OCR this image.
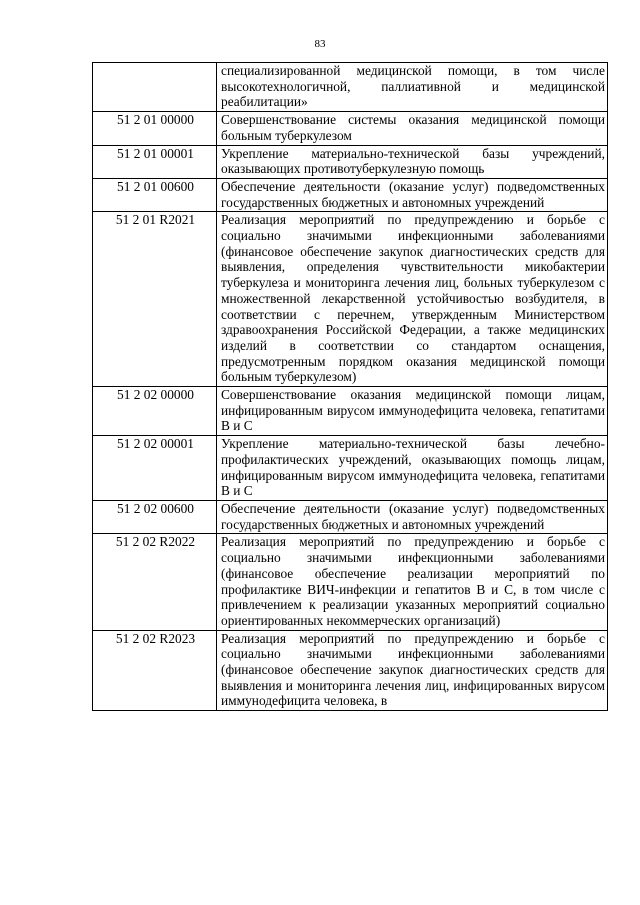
83
	специализированной медицинской помощи, в том числе высокотехнологичной, паллиативной и медицинской реабилитации»
51 2 01 00000	Совершенствование системы оказания медицинской помощи больным туберкулезом
51 2 01 00001	Укрепление материально-технической базы учреждений, оказывающих противотуберкулезную помощь
51 2 01 00600	Обеспечение деятельности (оказание услуг) подведомственных государственных бюджетных и автономных учреждений
51 2 01 R2021	Реализация мероприятий по предупреждению и борьбе с социально значимыми инфекционными заболеваниями (финансовое обеспечение закупок диагностических средств для выявления, определения чувствительности микобактерии туберкулеза и мониторинга лечения лиц, больных туберкулезом с множественной лекарственной устойчивостью возбудителя, в соответствии с перечнем, утвержденным Министерством здравоохранения Российской Федерации, а также медицинских изделий в соответствии со стандартом оснащения, предусмотренным порядком оказания медицинской помощи больным туберкулезом)
51 2 02 00000	Совершенствование оказания медицинской помощи лицам, инфицированным вирусом иммунодефицита человека, гепатитами B и C
51 2 02 00001	Укрепление материально-технической базы лечебно-профилактических учреждений, оказывающих помощь лицам, инфицированным вирусом иммунодефицита человека, гепатитами B и C
51 2 02 00600	Обеспечение деятельности (оказание услуг) подведомственных государственных бюджетных и автономных учреждений
51 2 02 R2022	Реализация мероприятий по предупреждению и борьбе с социально значимыми инфекционными заболеваниями (финансовое обеспечение реализации мероприятий по профилактике ВИЧ-инфекции и гепатитов B и C, в том числе с привлечением к реализации указанных мероприятий социально ориентированных некоммерческих организаций)
51 2 02 R2023	Реализация мероприятий по предупреждению и борьбе с социально значимыми инфекционными заболеваниями (финансовое обеспечение закупок диагностических средств для выявления и мониторинга лечения лиц, инфицированных вирусом иммунодефицита человека, в
